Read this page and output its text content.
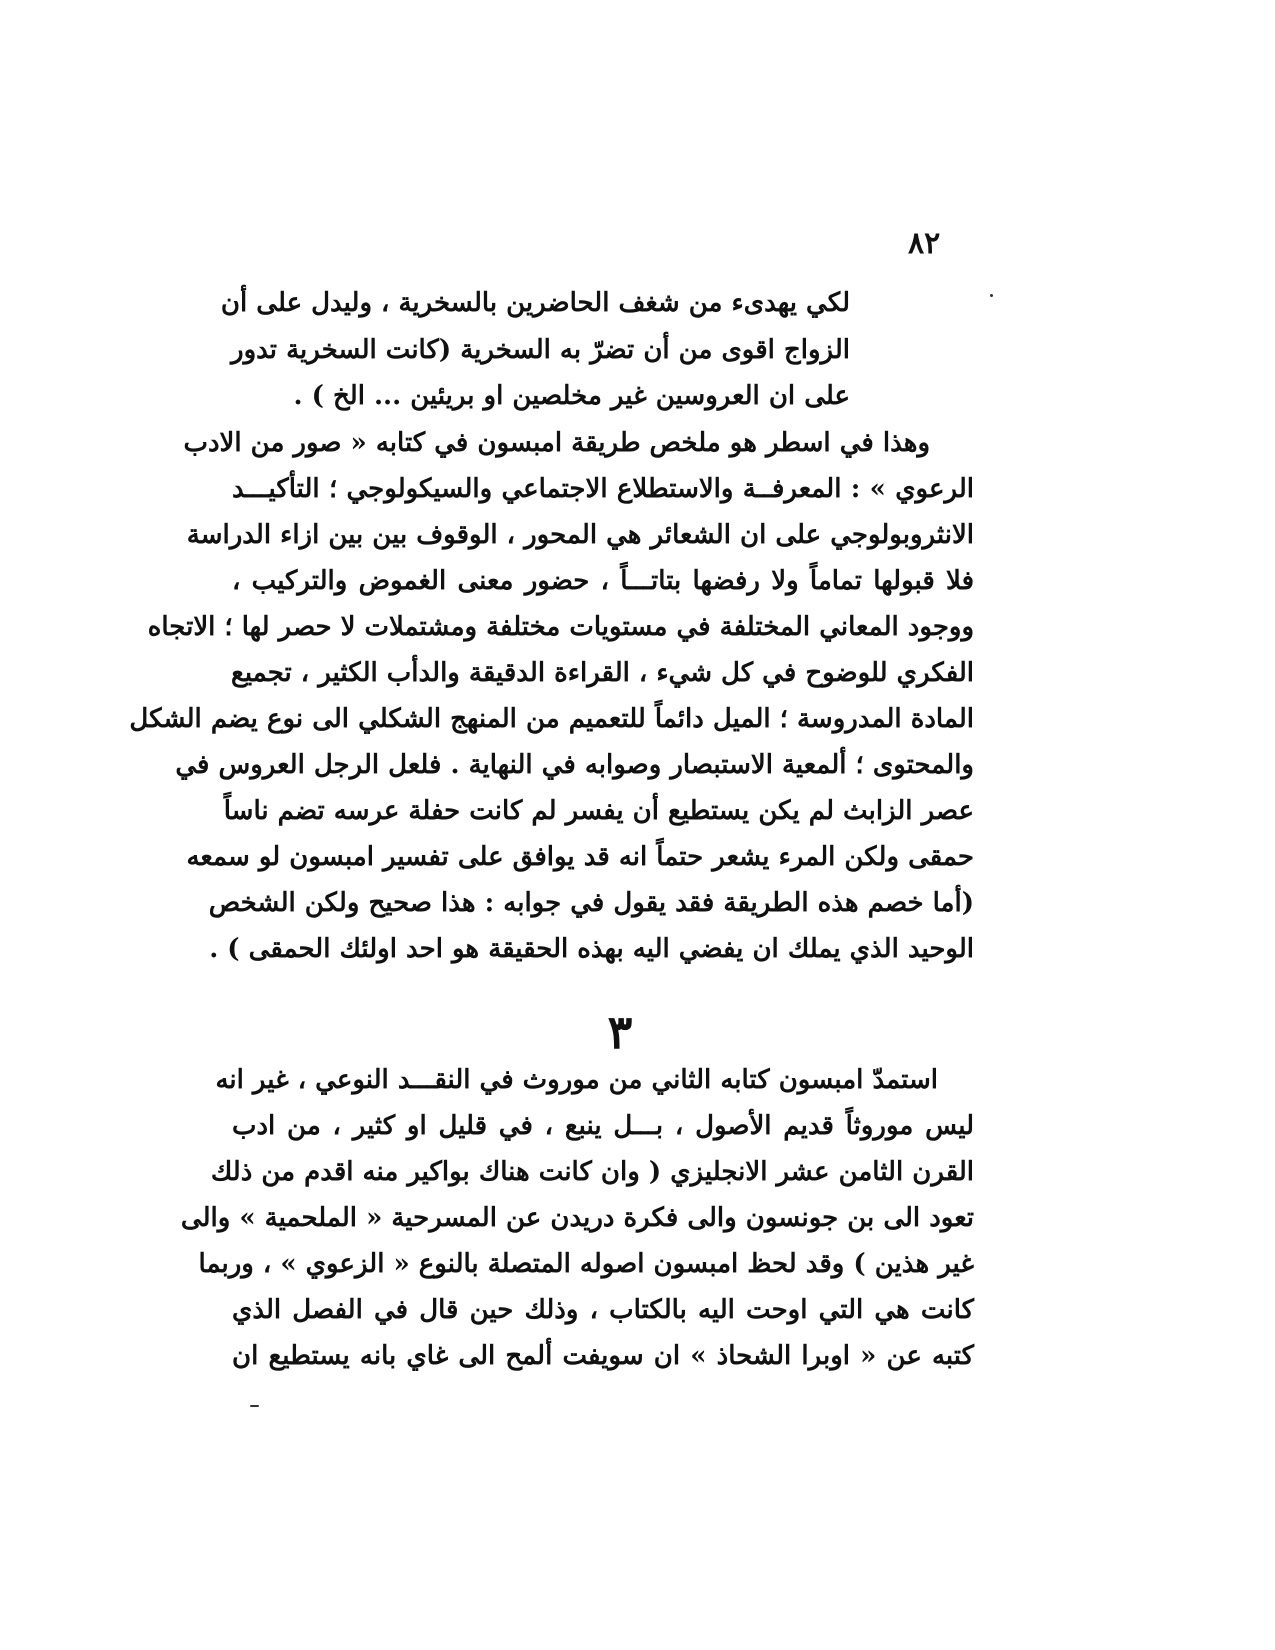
٨٢
لكي يهدىء من شغف الحاضرين بالسخرية ، وليدل على أن
الزواج اقوى من أن تضرّ به السخرية (كانت السخرية تدور
على ان العروسين غير مخلصين او بريئين ... الخ ) .
وهذا في اسطر هو ملخص طريقة امبسون في كتابه « صور من الادب
الرعوي » : المعرفــة والاستطلاع الاجتماعي والسيكولوجي ؛ التأكيـــد
الانثروبولوجي على ان الشعائر هي المحور ، الوقوف بين بين ازاء الدراسة
فلا قبولها تماماً ولا رفضها بتاتـــاً ، حضور معنى الغموض والتركيب ،
ووجود المعاني المختلفة في مستويات مختلفة ومشتملات لا حصر لها ؛ الاتجاه
الفكري للوضوح في كل شيء ، القراءة الدقيقة والدأب الكثير ، تجميع
المادة المدروسة ؛ الميل دائماً للتعميم من المنهج الشكلي الى نوع يضم الشكل
والمحتوى ؛ ألمعية الاستبصار وصوابه في النهاية . فلعل الرجل العروس في
عصر الزابث لم يكن يستطيع أن يفسر لم كانت حفلة عرسه تضم ناساً
حمقى ولكن المرء يشعر حتماً انه قد يوافق على تفسير امبسون لو سمعه
(أما خصم هذه الطريقة فقد يقول في جوابه : هذا صحيح ولكن الشخص
الوحيد الذي يملك ان يفضي اليه بهذه الحقيقة هو احد اولئك الحمقى ) .
٣
استمدّ امبسون كتابه الثاني من موروث في النقـــد النوعي ، غير انه
ليس موروثاً قديم الأصول ، بـــل ينبع ، في قليل او كثير ، من ادب
القرن الثامن عشر الانجليزي ( وان كانت هناك بواكير منه اقدم من ذلك
تعود الى بن جونسون والى فكرة دريدن عن المسرحية « الملحمية » والى
غير هذين ) وقد لحظ امبسون اصوله المتصلة بالنوع « الزعوي » ، وربما
كانت هي التي اوحت اليه بالكتاب ، وذلك حين قال في الفصل الذي
كتبه عن « اوبرا الشحاذ » ان سويفت ألمح الى غاي بانه يستطيع ان
